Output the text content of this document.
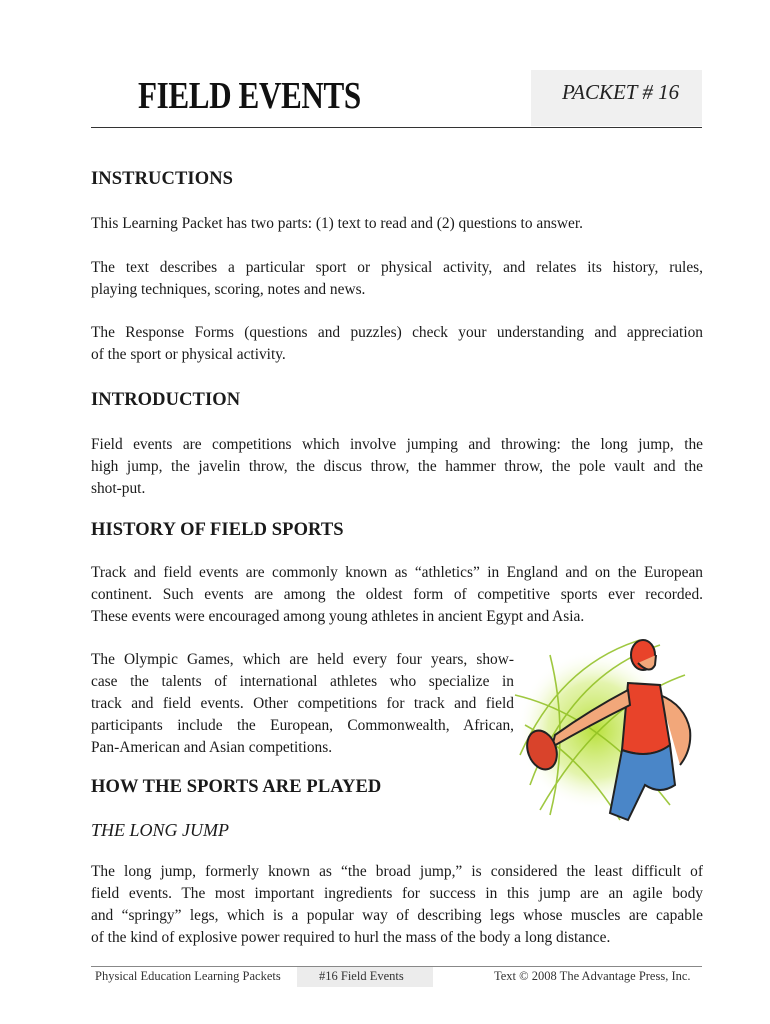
FIELD EVENTS	PACKET # 16
INSTRUCTIONS
This Learning Packet has two parts: (1) text to read and (2) questions to answer.
The text describes a particular sport or physical activity, and relates its history, rules,
playing techniques, scoring, notes and news.
The Response Forms (questions and puzzles) check your understanding and appreciation
of the sport or physical activity.
INTRODUCTION
Field events are competitions which involve jumping and throwing: the long jump, the
high jump, the javelin throw, the discus throw, the hammer throw, the pole vault and the
shot-put.
HISTORY OF FIELD SPORTS
Track and field events are commonly known as “athletics” in England and on the European
continent. Such events are among the oldest form of competitive sports ever recorded.
These events were encouraged among young athletes in ancient Egypt and Asia.
The Olympic Games, which are held every four years, show-
case the talents of international athletes who specialize in
track and field events. Other competitions for track and field
participants include the European, Commonwealth, African,
Pan-American and Asian competitions.
HOW THE SPORTS ARE PLAYED
THE LONG JUMP
The long jump, formerly known as “the broad jump,” is considered the least difficult of
field events. The most important ingredients for success in this jump are an agile body
and “springy” legs, which is a popular way of describing legs whose muscles are capable
of the kind of explosive power required to hurl the mass of the body a long distance.
Physical Education Learning Packets	#16 Field Events	Text © 2008 The Advantage Press, Inc.
